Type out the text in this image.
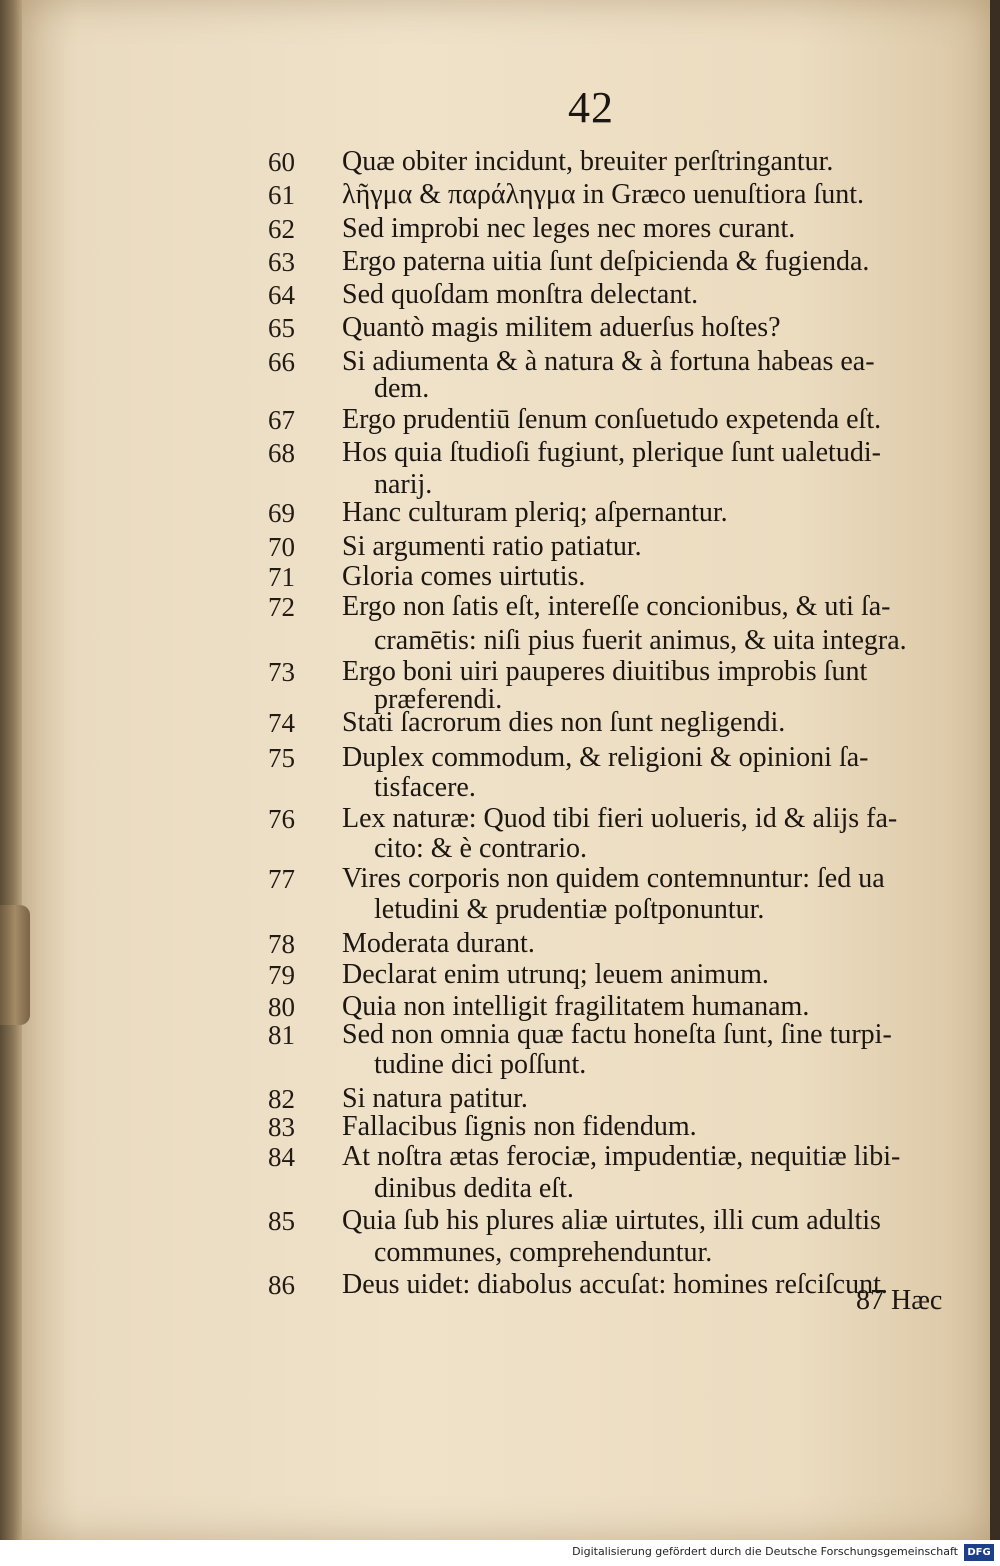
42
60	Quæ obiter incidunt, breuiter perſtringantur.
61	λῆγμα & παράληγμα in Græco uenuſtiora ſunt.
62	Sed improbi nec leges nec mores curant.
63	Ergo paterna uitia ſunt deſpicienda & fugienda.
64	Sed quoſdam monſtra delectant.
65	Quantò magis militem aduerſus hoſtes?
66	Si adiumenta & à natura & à fortuna habeas ea-
dem.
67	Ergo prudentiū ſenum conſuetudo expetenda eſt.
68	Hos quia ſtudioſi fugiunt, plerique ſunt ualetudi-
narij.
69	Hanc culturam pleriq; aſpernantur.
70	Si argumenti ratio patiatur.
71	Gloria comes uirtutis.
72	Ergo non ſatis eſt, intereſſe concionibus, & uti ſa-
cramētis: niſi pius fuerit animus, & uita integra.
73	Ergo boni uiri pauperes diuitibus improbis ſunt
præferendi.
74	Stati ſacrorum dies non ſunt negligendi.
75	Duplex commodum, & religioni & opinioni ſa-
tisfacere.
76	Lex naturæ: Quod tibi fieri uolueris, id & alijs fa-
cito: & è contrario.
77	Vires corporis non quidem contemnuntur: ſed ua
letudini & prudentiæ poſtponuntur.
78	Moderata durant.
79	Declarat enim utrunq; leuem animum.
80	Quia non intelligit fragilitatem humanam.
81	Sed non omnia quæ factu honeſta ſunt, ſine turpi-
tudine dici poſſunt.
82	Si natura patitur.
83	Fallacibus ſignis non fidendum.
84	At noſtra ætas ferociæ, impudentiæ, nequitiæ libi-
dinibus dedita eſt.
85	Quia ſub his plures aliæ uirtutes, illi cum adultis
communes, comprehenduntur.
86	Deus uidet: diabolus accuſat: homines reſciſcunt.
87 Hæc
Digitalisierung gefördert durch die Deutsche Forschungsgemeinschaft DFG
